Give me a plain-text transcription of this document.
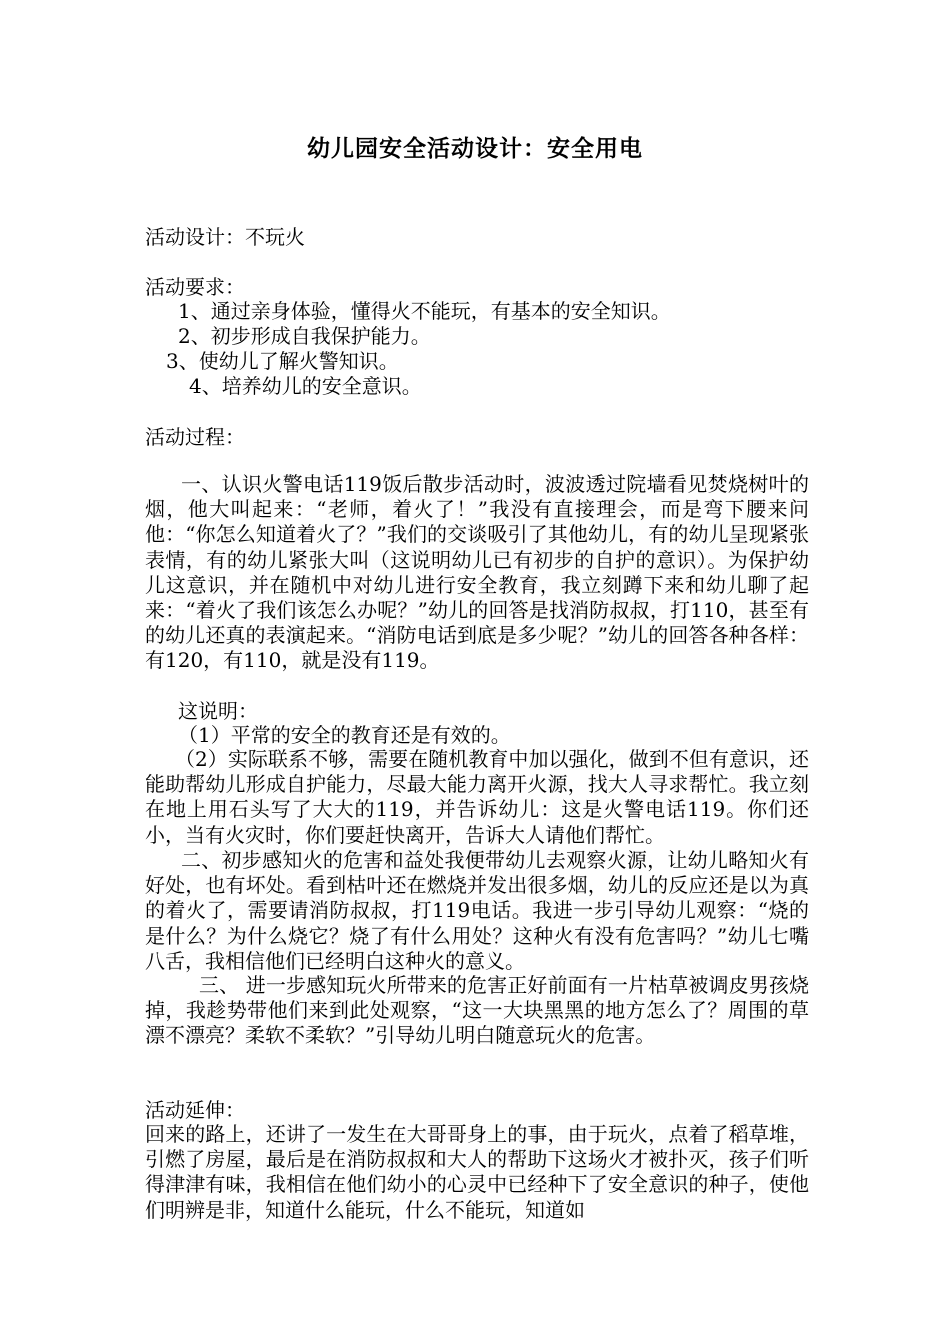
幼儿园安全活动设计：安全用电
活动设计：不玩火
活动要求：
1、通过亲身体验，懂得火不能玩，有基本的安全知识。
2、初步形成自我保护能力。
3、使幼儿了解火警知识。
4、培养幼儿的安全意识。
活动过程：

一、认识火警电话119饭后散步活动时，波波透过院墙看见焚烧树叶的烟，他大叫起来：“老师，着火了！”我没有直接理会，而是弯下腰来问他：“你怎么知道着火了？”我们的交谈吸引了其他幼儿，有的幼儿呈现紧张表情，有的幼儿紧张大叫（这说明幼儿已有初步的自护的意识）。为保护幼儿这意识，并在随机中对幼儿进行安全教育，我立刻蹲下来和幼儿聊了起来：“着火了我们该怎么办呢？”幼儿的回答是找消防叔叔，打110，甚至有的幼儿还真的表演起来。“消防电话到底是多少呢？”幼儿的回答各种各样：有120，有110，就是没有119。

这说明：
（1）平常的安全的教育还是有效的。

（2）实际联系不够，需要在随机教育中加以强化，做到不但有意识，还能助帮幼儿形成自护能力，尽最大能力离开火源，找大人寻求帮忙。我立刻在地上用石头写了大大的119，并告诉幼儿：这是火警电话119。你们还小，当有火灾时，你们要赶快离开，告诉大人请他们帮忙。

二、初步感知火的危害和益处我便带幼儿去观察火源，让幼儿略知火有好处，也有坏处。看到枯叶还在燃烧并发出很多烟，幼儿的反应还是以为真的着火了，需要请消防叔叔，打119电话。我进一步引导幼儿观察：“烧的是什么？为什么烧它？烧了有什么用处？这种火有没有危害吗？”幼儿七嘴八舌，我相信他们已经明白这种火的意义。

三、 进一步感知玩火所带来的危害正好前面有一片枯草被调皮男孩烧掉，我趁势带他们来到此处观察，“这一大块黑黑的地方怎么了？周围的草漂不漂亮？柔软不柔软？”引导幼儿明白随意玩火的危害。

活动延伸：

回来的路上，还讲了一发生在大哥哥身上的事，由于玩火，点着了稻草堆，引燃了房屋，最后是在消防叔叔和大人的帮助下这场火才被扑灭，孩子们听得津津有味，我相信在他们幼小的心灵中已经种下了安全意识的种子，使他们明辨是非，知道什么能玩，什么不能玩，知道如
